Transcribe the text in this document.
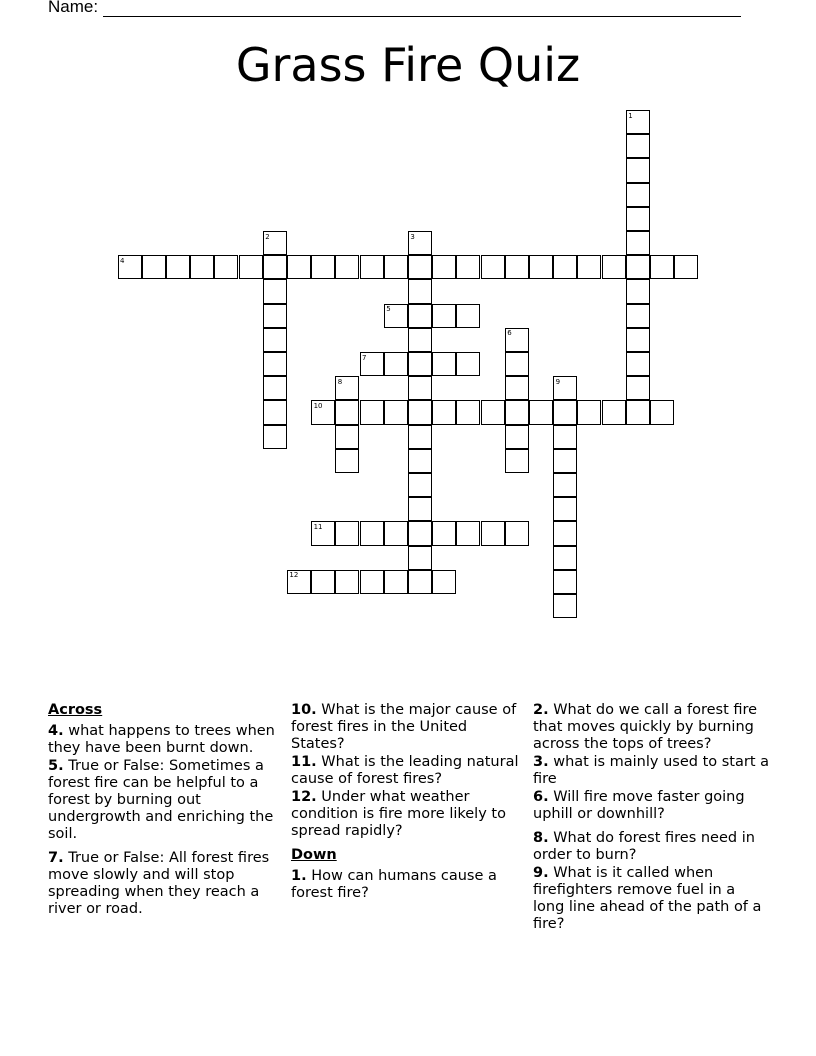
Name:
Grass Fire Quiz
1
2	3
4
5
6
7
8	9
10
11
12
Across
4. what happens to trees when they have been burnt down.
5. True or False: Sometimes a forest fire can be helpful to a forest by burning out undergrowth and enriching the soil.
7. True or False: All forest fires move slowly and will stop spreading when they reach a river or road.
10. What is the major cause of forest fires in the United States?
11. What is the leading natural cause of forest fires?
12. Under what weather condition is fire more likely to spread rapidly?
Down
1. How can humans cause a forest fire?
2. What do we call a forest fire that moves quickly by burning across the tops of trees?
3. what is mainly used to start a fire
6. Will fire move faster going uphill or downhill?
8. What do forest fires need in order to burn?
9. What is it called when firefighters remove fuel in a long line ahead of the path of a fire?
